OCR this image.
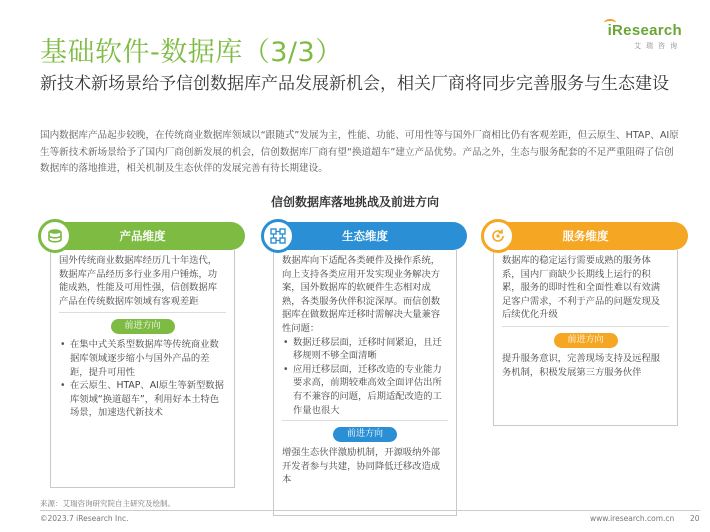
基础软件-数据库（3/3）
iResearch
艾瑞咨询
新技术新场景给予信创数据库产品发展新机会，相关厂商将同步完善服务与生态建设
国内数据库产品起步较晚，在传统商业数据库领域以“跟随式”发展为主，性能、功能、可用性等与国外厂商相比仍有客观差距，但云原生、HTAP、AI原生等新技术新场景给予了国内厂商创新发展的机会，信创数据库厂商有望“换道超车”建立产品优势。产品之外，生态与服务配套的不足严重阻碍了信创数据库的落地推进，相关机制及生态伙伴的发展完善有待长期建设。
信创数据库落地挑战及前进方向
产品维度
国外传统商业数据库经历几十年迭代，数据库产品经历多行业多用户锤炼，功能成熟，性能及可用性强，信创数据库产品在传统数据库领域有客观差距
前进方向
• 在集中式关系型数据库等传统商业数据库领域逐步缩小与国外产品的差距，提升可用性
• 在云原生、HTAP、AI原生等新型数据库领域“换道超车”，利用好本土特色场景，加速迭代新技术
生态维度
数据库向下适配各类硬件及操作系统，向上支持各类应用开发实现业务解决方案，国外数据库的软硬件生态相对成熟，各类服务伙伴积淀深厚。而信创数据库在做数据库迁移时需解决大量兼容性问题：
• 数据迁移层面，迁移时间紧迫，且迁移规则不够全面清晰
• 应用迁移层面，迁移改造的专业能力要求高，前期较难高效全面评估出所有不兼容的问题，后期适配改造的工作量也很大
前进方向
增强生态伙伴激励机制，开源吸纳外部开发者参与共建，协同降低迁移改造成本
服务维度
数据库的稳定运行需要成熟的服务体系，国内厂商缺少长期线上运行的积累，服务的即时性和全面性难以有效满足客户需求，不利于产品的问题发现及后续优化升级
前进方向
提升服务意识，完善现场支持及远程服务机制，积极发展第三方服务伙伴
来源：艾瑞咨询研究院自主研究及绘制。
©2023.7 iResearch Inc.	www.iresearch.com.cn 20
